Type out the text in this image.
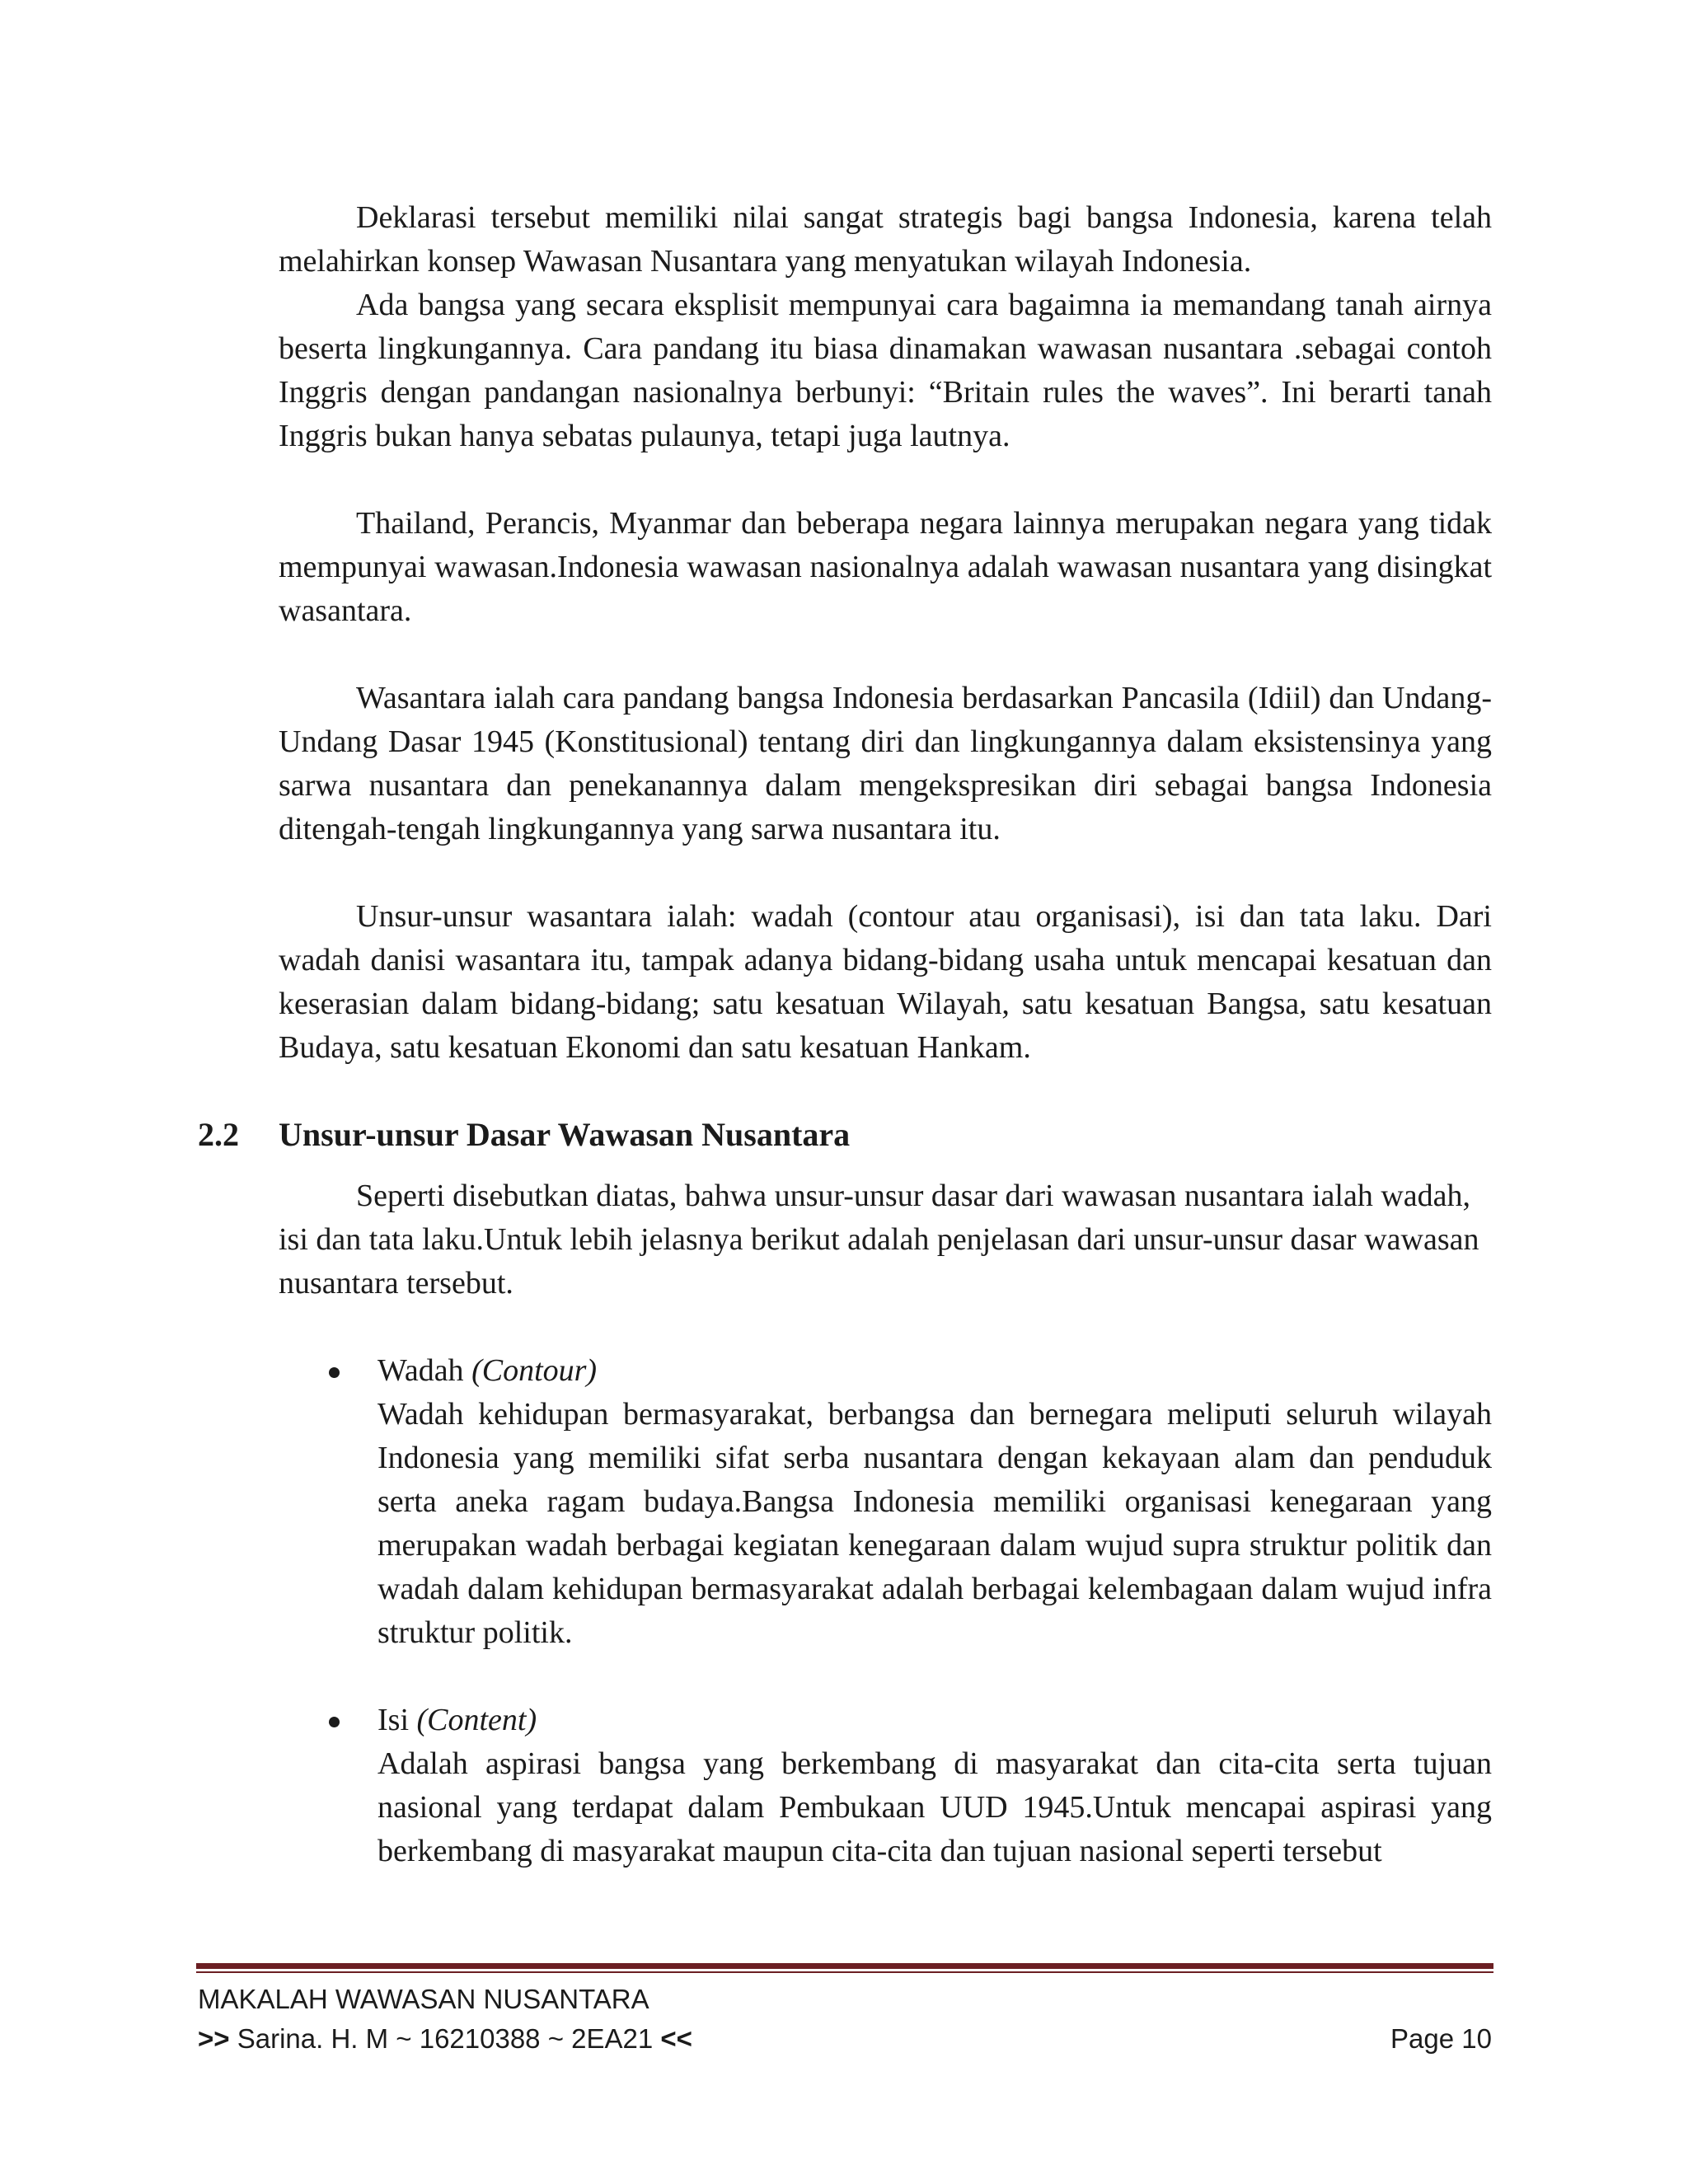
Deklarasi tersebut memiliki nilai sangat strategis bagi bangsa Indonesia, karena telah melahirkan konsep Wawasan Nusantara yang menyatukan wilayah Indonesia.

Ada bangsa yang secara eksplisit mempunyai cara bagaimna ia memandang tanah airnya beserta lingkungannya. Cara pandang itu biasa dinamakan wawasan nusantara .sebagai contoh Inggris dengan pandangan nasionalnya berbunyi: “Britain rules the waves”. Ini berarti tanah Inggris bukan hanya sebatas pulaunya, tetapi juga lautnya.

Thailand, Perancis, Myanmar dan beberapa negara lainnya merupakan negara yang tidak mempunyai wawasan.Indonesia wawasan nasionalnya adalah wawasan nusantara yang disingkat wasantara.

Wasantara ialah cara pandang bangsa Indonesia berdasarkan Pancasila (Idiil) dan Undang-Undang Dasar 1945 (Konstitusional) tentang diri dan lingkungannya dalam eksistensinya yang sarwa nusantara dan penekanannya dalam mengekspresikan diri sebagai bangsa Indonesia ditengah-tengah lingkungannya yang sarwa nusantara itu.

Unsur-unsur wasantara ialah: wadah (contour atau organisasi), isi dan tata laku. Dari wadah danisi wasantara itu, tampak adanya bidang-bidang usaha untuk mencapai kesatuan dan keserasian dalam bidang-bidang; satu kesatuan Wilayah, satu kesatuan Bangsa, satu kesatuan Budaya, satu kesatuan Ekonomi dan satu kesatuan Hankam.

2.2 Unsur-unsur Dasar Wawasan Nusantara

Seperti disebutkan diatas, bahwa unsur-unsur dasar dari wawasan nusantara ialah wadah, isi dan tata laku.Untuk lebih jelasnya berikut adalah penjelasan dari unsur-unsur dasar wawasan nusantara tersebut.

Wadah (Contour)
Wadah kehidupan bermasyarakat, berbangsa dan bernegara meliputi seluruh wilayah Indonesia yang memiliki sifat serba nusantara dengan kekayaan alam dan penduduk serta aneka ragam budaya.Bangsa Indonesia memiliki organisasi kenegaraan yang merupakan wadah berbagai kegiatan kenegaraan dalam wujud supra struktur politik dan wadah dalam kehidupan bermasyarakat adalah berbagai kelembagaan dalam wujud infra struktur politik.
Isi (Content)
Adalah aspirasi bangsa yang berkembang di masyarakat dan cita-cita serta tujuan nasional yang terdapat dalam Pembukaan UUD 1945.Untuk mencapai aspirasi yang berkembang di masyarakat maupun cita-cita dan tujuan nasional seperti tersebut
MAKALAH WAWASAN NUSANTARA
>> Sarina. H. M ~ 16210388 ~ 2EA21 <<	Page 10
